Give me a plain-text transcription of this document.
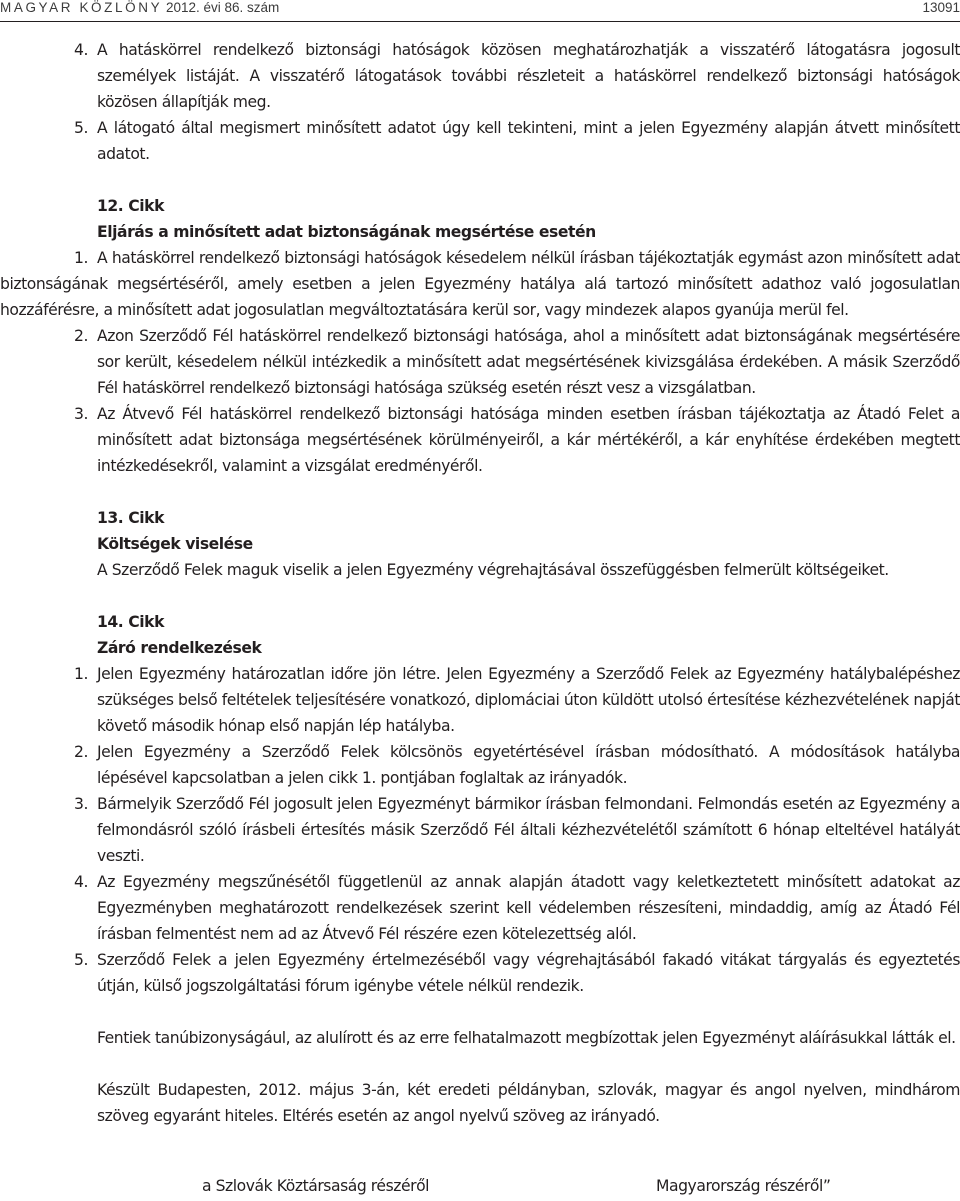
MAGYAR KÖZLÖNY 2012. évi 86. szám	13091

4. A hatáskörrel rendelkező biztonsági hatóságok közösen meghatározhatják a visszatérő látogatásra jogosult személyek listáját. A visszatérő látogatások további részleteit a hatáskörrel rendelkező biztonsági hatóságok közösen állapítják meg.

5. A látogató által megismert minősített adatot úgy kell tekinteni, mint a jelen Egyezmény alapján átvett minősített adatot.

12. Cikk

Eljárás a minősített adat biztonságának megsértése esetén

1. A hatáskörrel rendelkező biztonsági hatóságok késedelem nélkül írásban tájékoztatják egymást azon minősített adat biztonságának megsértéséről, amely esetben a jelen Egyezmény hatálya alá tartozó minősített adathoz való jogosulatlan hozzáférésre, a minősített adat jogosulatlan megváltoztatására kerül sor, vagy mindezek alapos gyanúja merül fel.

2. Azon Szerződő Fél hatáskörrel rendelkező biztonsági hatósága, ahol a minősített adat biztonságának megsértésére sor került, késedelem nélkül intézkedik a minősített adat megsértésének kivizsgálása érdekében. A másik Szerződő Fél hatáskörrel rendelkező biztonsági hatósága szükség esetén részt vesz a vizsgálatban.

3. Az Átvevő Fél hatáskörrel rendelkező biztonsági hatósága minden esetben írásban tájékoztatja az Átadó Felet a minősített adat biztonsága megsértésének körülményeiről, a kár mértékéről, a kár enyhítése érdekében megtett intézkedésekről, valamint a vizsgálat eredményéről.

13. Cikk

Költségek viselése

A Szerződő Felek maguk viselik a jelen Egyezmény végrehajtásával összefüggésben felmerült költségeiket.

14. Cikk

Záró rendelkezések

1. Jelen Egyezmény határozatlan időre jön létre. Jelen Egyezmény a Szerződő Felek az Egyezmény hatálybalépéshez szükséges belső feltételek teljesítésére vonatkozó, diplomáciai úton küldött utolsó értesítése kézhezvételének napját követő második hónap első napján lép hatályba.

2. Jelen Egyezmény a Szerződő Felek kölcsönös egyetértésével írásban módosítható. A módosítások hatályba lépésével kapcsolatban a jelen cikk 1. pontjában foglaltak az irányadók.

3. Bármelyik Szerződő Fél jogosult jelen Egyezményt bármikor írásban felmondani. Felmondás esetén az Egyezmény a felmondásról szóló írásbeli értesítés másik Szerződő Fél általi kézhezvételétől számított 6 hónap elteltével hatályát veszti.

4. Az Egyezmény megszűnésétől függetlenül az annak alapján átadott vagy keletkeztetett minősített adatokat az Egyezményben meghatározott rendelkezések szerint kell védelemben részesíteni, mindaddig, amíg az Átadó Fél írásban felmentést nem ad az Átvevő Fél részére ezen kötelezettség alól.

5. Szerződő Felek a jelen Egyezmény értelmezéséből vagy végrehajtásából fakadó vitákat tárgyalás és egyeztetés útján, külső jogszolgáltatási fórum igénybe vétele nélkül rendezik.

Fentiek tanúbizonyságául, az alulírott és az erre felhatalmazott megbízottak jelen Egyezményt aláírásukkal látták el.

Készült Budapesten, 2012. május 3-án, két eredeti példányban, szlovák, magyar és angol nyelven, mindhárom szöveg egyaránt hiteles. Eltérés esetén az angol nyelvű szöveg az irányadó.

a Szlovák Köztársaság részéről	Magyarország részéről”
